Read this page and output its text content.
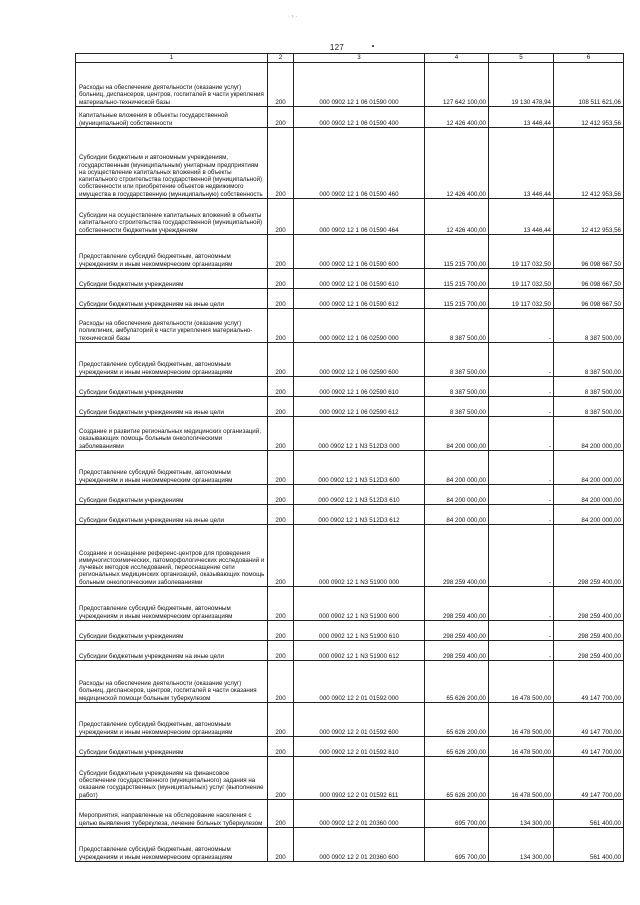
· › ·
127
1	2	3	4	5	6
Расходы на обеспечение деятельности (оказание услуг) больниц, диспансеров, центров, госпиталей в части укрепления материально-технической базы	200	000 0902 12 1 06 01590 000	127 642 100,00	19 130 478,94	108 511 621,06
Капитальные вложения в объекты государственной (муниципальной) собственности	200	000 0902 12 1 06 01590 400	12 426 400,00	13 446,44	12 412 953,56
Субсидии бюджетным и автономным учреждениям, государственным (муниципальным) унитарным предприятиям на осуществление капитальных вложений в объекты капитального строительства государственной (муниципальной) собственности или приобретение объектов недвижимого имущества в государственную (муниципальную) собственность	200	000 0902 12 1 06 01590 460	12 426 400,00	13 446,44	12 412 953,56
Субсидии на осуществление капитальных вложений в объекты капитального строительства государственной (муниципальной) собственности бюджетным учреждениям	200	000 0902 12 1 06 01590 464	12 426 400,00	13 446,44	12 412 953,56
Предоставление субсидий бюджетным, автономным учреждениям и иным некоммерческим организациям	200	000 0902 12 1 06 01590 600	115 215 700,00	19 117 032,50	96 098 667,50
Субсидии бюджетным учреждениям	200	000 0902 12 1 06 01590 610	115 215 700,00	19 117 032,50	96 098 667,50
Субсидии бюджетным учреждениям на иные цели	200	000 0902 12 1 06 01590 612	115 215 700,00	19 117 032,50	96 098 667,50
Расходы на обеспечение деятельности (оказание услуг) поликлиник, амбулаторий в части укрепления материально-технической базы	200	000 0902 12 1 06 02590 000	8 387 500,00	-	8 387 500,00
Предоставление субсидий бюджетным, автономным учреждениям и иным некоммерческим организациям	200	000 0902 12 1 06 02590 600	8 387 500,00	-	8 387 500,00
Субсидии бюджетным учреждениям	200	000 0902 12 1 06 02590 610	8 387 500,00	-	8 387 500,00
Субсидии бюджетным учреждениям на иные цели	200	000 0902 12 1 06 02590 612	8 387 500,00	-	8 387 500,00
Создание и развитие региональных медицинских организаций, оказывающих помощь больным онкологическими заболеваниями	200	000 0902 12 1 N3 512D3 000	84 200 000,00	-	84 200 000,00
Предоставление субсидий бюджетным, автономным учреждениям и иным некоммерческим организациям	200	000 0902 12 1 N3 512D3 600	84 200 000,00	-	84 200 000,00
Субсидии бюджетным учреждениям	200	000 0902 12 1 N3 512D3 610	84 200 000,00	-	84 200 000,00
Субсидии бюджетным учреждениям на иные цели	200	000 0902 12 1 N3 512D3 612	84 200 000,00	-	84 200 000,00
Создание и оснащение референс-центров для проведения иммуногистохимических, патоморфологических исследований и лучевых методов исследований, переоснащение сети региональных медицинских организаций, оказывающих помощь больным онкологическими заболеваниями	200	000 0902 12 1 N3 51900 000	298 259 400,00	-	298 259 400,00
Предоставление субсидий бюджетным, автономным учреждениям и иным некоммерческим организациям	200	000 0902 12 1 N3 51900 600	298 259 400,00	-	298 259 400,00
Субсидии бюджетным учреждениям	200	000 0902 12 1 N3 51900 610	298 259 400,00	-	298 259 400,00
Субсидии бюджетным учреждениям на иные цели	200	000 0902 12 1 N3 51900 612	298 259 400,00	-	298 259 400,00
Расходы на обеспечение деятельности (оказание услуг) больниц, диспансеров, центров, госпиталей в части оказания медицинской помощи больным туберкулезом	200	000 0902 12 2 01 01592 000	65 626 200,00	16 478 500,00	49 147 700,00
Предоставление субсидий бюджетным, автономным учреждениям и иным некоммерческим организациям	200	000 0902 12 2 01 01592 600	65 626 200,00	16 478 500,00	49 147 700,00
Субсидии бюджетным учреждениям	200	000 0902 12 2 01 01592 610	65 626 200,00	16 478 500,00	49 147 700,00
Субсидии бюджетным учреждениям на финансовое обеспечение государственного (муниципального) задания на оказание государственных (муниципальных) услуг (выполнение работ)	200	000 0902 12 2 01 01592 611	65 626 200,00	16 478 500,00	49 147 700,00
Мероприятия, направленные на обследование населения с целью выявления туберкулеза, лечение больных туберкулезом	200	000 0902 12 2 01 20360 000	695 700,00	134 300,00	561 400,00
Предоставление субсидий бюджетным, автономным учреждениям и иным некоммерческим организациям	200	000 0902 12 2 01 20360 600	695 700,00	134 300,00	561 400,00
